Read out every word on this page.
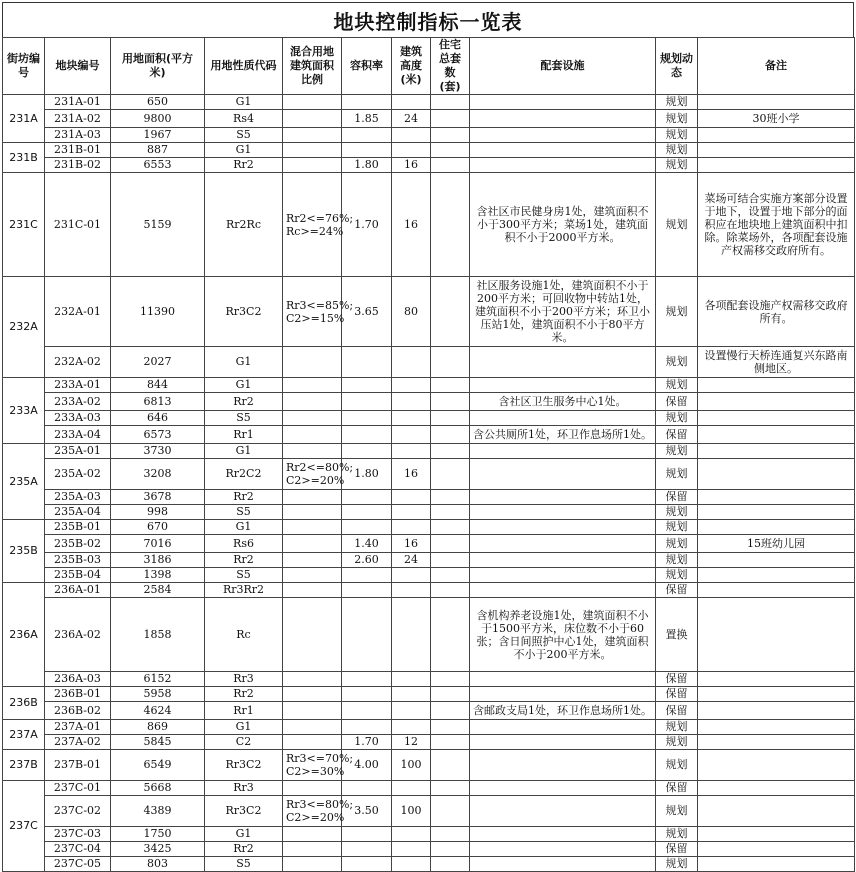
地块控制指标一览表
街坊编号	地块编号	用地面积(平方米)	用地性质代码	混合用地建筑面积比例	容积率	建筑高度(米)	住宅总套数(套)	配套设施	规划动态	备注
231A	231A-01	650	G1						规划	
	231A-02	9800	Rs4		1.85	24			规划	30班小学
	231A-03	1967	S5						规划	
231B	231B-01	887	G1						规划	
	231B-02	6553	Rr2		1.80	16			规划	
231C	231C-01	5159	Rr2Rc	Rr2<=76%; Rc>=24%	1.70	16		含社区市民健身房1处，建筑面积不小于300平方米；菜场1处，建筑面积不小于2000平方米。	规划	菜场可结合实施方案部分设置于地下，设置于地下部分的面积应在地块地上建筑面积中扣除。除菜场外，各项配套设施产权需移交政府所有。
232A	232A-01	11390	Rr3C2	Rr3<=85%; C2>=15%	3.65	80		社区服务设施1处，建筑面积不小于200平方米；可回收物中转站1处，建筑面积不小于200平方米；环卫小压站1处，建筑面积不小于80平方米。	规划	各项配套设施产权需移交政府所有。
	232A-02	2027	G1						规划	设置慢行天桥连通复兴东路南侧地区。
233A	233A-01	844	G1						规划	
	233A-02	6813	Rr2					含社区卫生服务中心1处。	保留	
	233A-03	646	S5						规划	
	233A-04	6573	Rr1					含公共厕所1处，环卫作息场所1处。	保留	
235A	235A-01	3730	G1						规划	
	235A-02	3208	Rr2C2	Rr2<=80%; C2>=20%	1.80	16			规划	
	235A-03	3678	Rr2						保留	
	235A-04	998	S5						规划	
235B	235B-01	670	G1						规划	
	235B-02	7016	Rs6		1.40	16			规划	15班幼儿园
	235B-03	3186	Rr2		2.60	24			规划	
	235B-04	1398	S5						规划	
236A	236A-01	2584	Rr3Rr2						保留	
	236A-02	1858	Rc					含机构养老设施1处，建筑面积不小于1500平方米，床位数不小于60张；含日间照护中心1处，建筑面积不小于200平方米。	置换	
	236A-03	6152	Rr3						保留	
236B	236B-01	5958	Rr2						保留	
	236B-02	4624	Rr1					含邮政支局1处，环卫作息场所1处。	保留	
237A	237A-01	869	G1						规划	
	237A-02	5845	C2		1.70	12			规划	
237B	237B-01	6549	Rr3C2	Rr3<=70%; C2>=30%	4.00	100			规划	
237C	237C-01	5668	Rr3						保留	
	237C-02	4389	Rr3C2	Rr3<=80%; C2>=20%	3.50	100			规划	
	237C-03	1750	G1						规划	
	237C-04	3425	Rr2						保留	
	237C-05	803	S5						规划	
